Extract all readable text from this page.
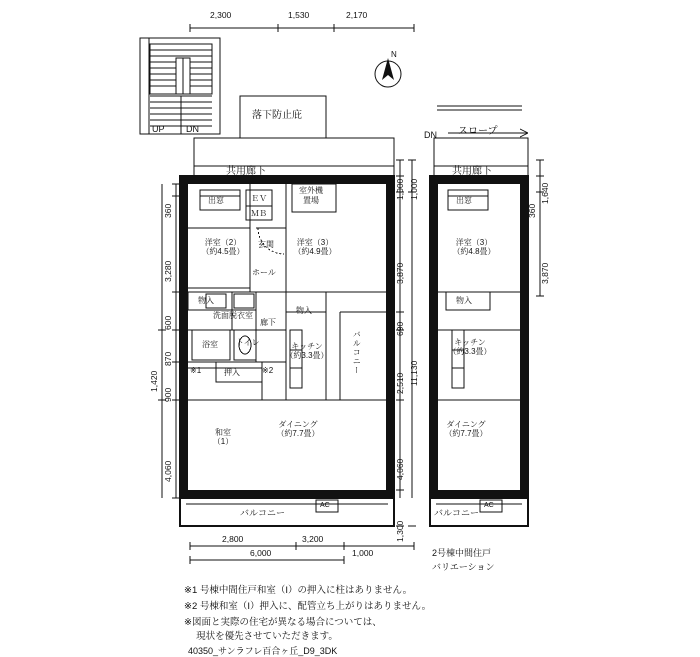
2,300	1,530	2,170
UP DN
落下防止庇
共用廊下
DN スロープ
共用廊下
N
洋室（2）
（約4.5畳）
洋室（3）
（約4.9畳）
和室
（1）
ダイニング
（約7.7畳）
キッチン
（約3.3畳）
出窓	ＥＶ
ＭＢ
室外機
置場
玄関
ホール
物入
洗面脱衣室
廊下
物入
浴室 トイレ
※1	押入	※2	バルコニー
バルコニー
AC
洋室（3）
（約4.8畳）
キッチン
（約3.3畳）
ダイニング
（約7.7畳）
出窓
物入
バルコニー
AC
360
3,280
600
870
900
1,420
4,060
1,000 1,000
3,870
690
2,510 11,130
4,060
1,300
360
1,640
3,870
2,800	3,200
1,000
6,000	2号棟中間住戸
バリエーション
※1 号棟中間住戸和室（I）の押入に柱はありません。
※2 号棟和室（I）押入に、配管立ち上がりはありません。
※図面と実際の住宅が異なる場合については、
　 現状を優先させていただきます。
40350_サンラフレ百合ヶ丘_D9_3DK
